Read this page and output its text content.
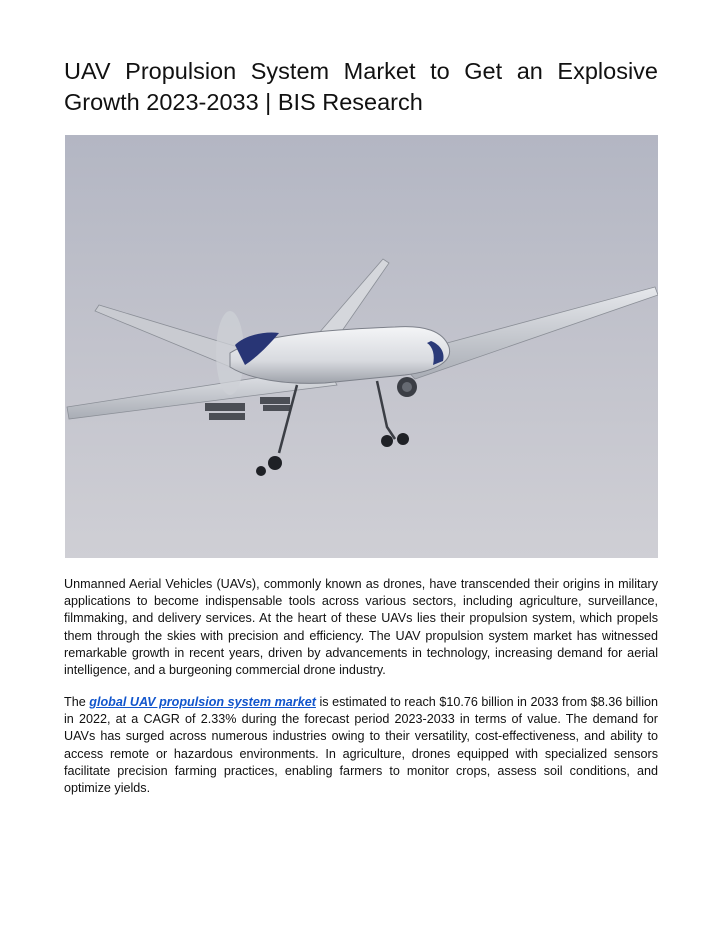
UAV Propulsion System Market to Get an Explosive Growth 2023-2033 | BIS Research

Unmanned Aerial Vehicles (UAVs), commonly known as drones, have transcended their origins in military applications to become indispensable tools across various sectors, including agriculture, surveillance, filmmaking, and delivery services. At the heart of these UAVs lies their propulsion system, which propels them through the skies with precision and efficiency. The UAV propulsion system market has witnessed remarkable growth in recent years, driven by advancements in technology, increasing demand for aerial intelligence, and a burgeoning commercial drone industry.

The global UAV propulsion system market is estimated to reach $10.76 billion in 2033 from $8.36 billion in 2022, at a CAGR of 2.33% during the forecast period 2023-2033 in terms of value. The demand for UAVs has surged across numerous industries owing to their versatility, cost-effectiveness, and ability to access remote or hazardous environments. In agriculture, drones equipped with specialized sensors facilitate precision farming practices, enabling farmers to monitor crops, assess soil conditions, and optimize yields.
